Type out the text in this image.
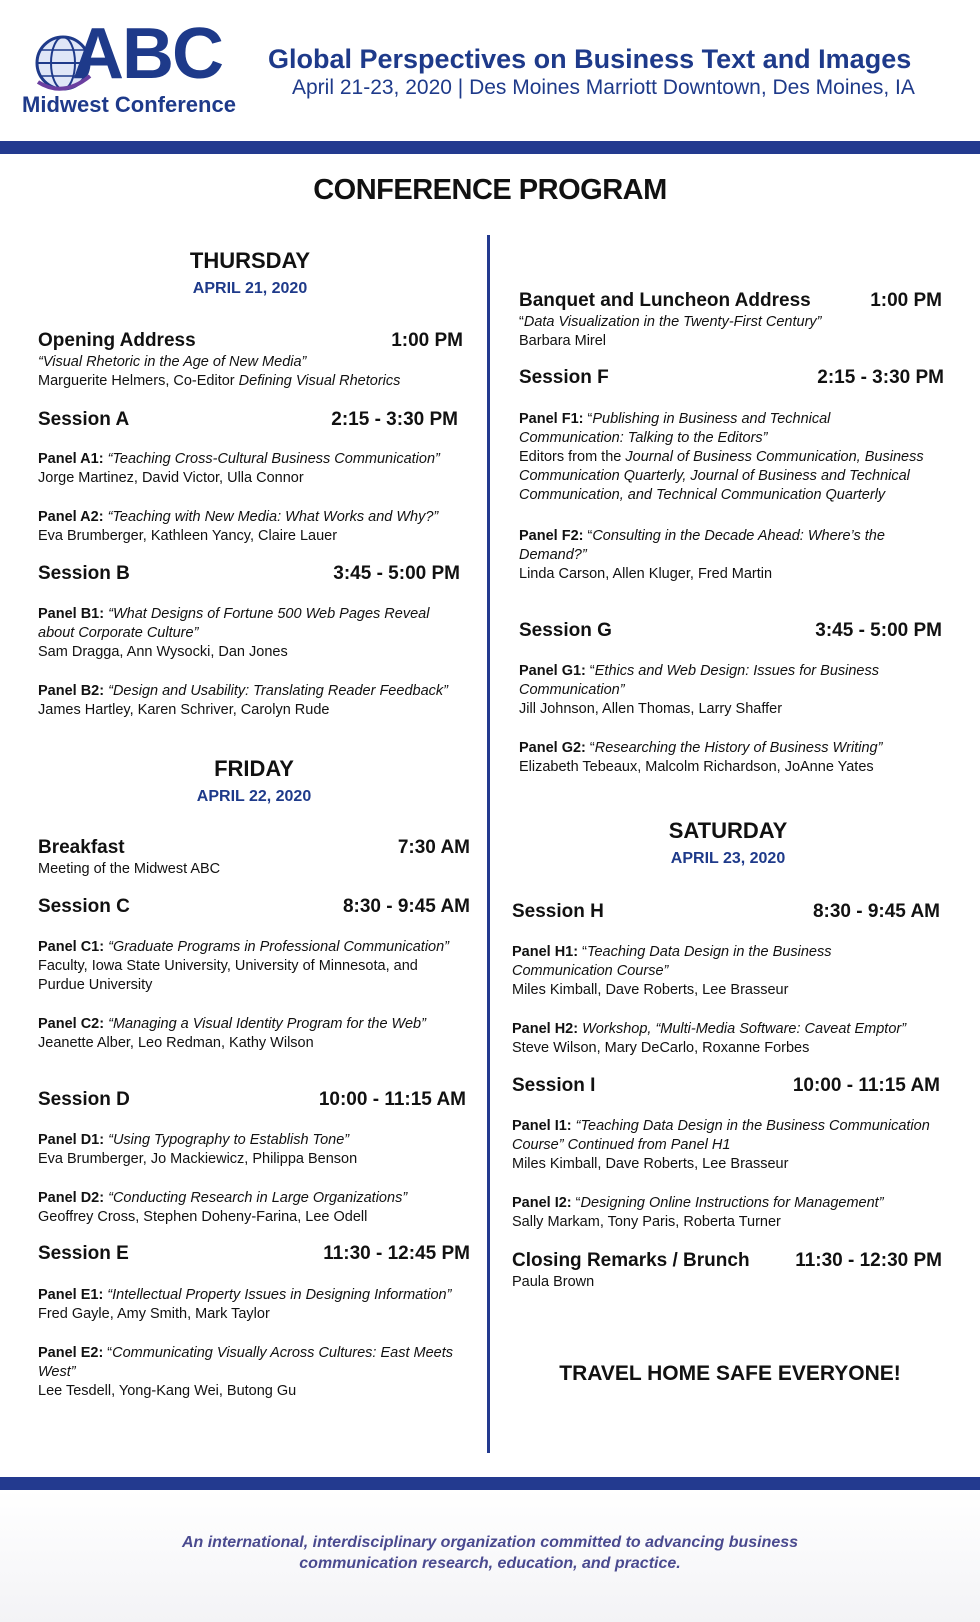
ABC
Midwest Conference
Global Perspectives on Business Text and Images
April 21-23, 2020 | Des Moines Marriott Downtown, Des Moines, IA
CONFERENCE PROGRAM
THURSDAY
APRIL 21, 2020
Opening Address	1:00 PM
“Visual Rhetoric in the Age of New Media”
Marguerite Helmers, Co-Editor Defining Visual Rhetorics
Session A	2:15 - 3:30 PM
Panel A1: “Teaching Cross-Cultural Business Communication”
Jorge Martinez, David Victor, Ulla Connor
Panel A2: “Teaching with New Media: What Works and Why?”
Eva Brumberger, Kathleen Yancy, Claire Lauer
Session B	3:45 - 5:00 PM
Panel B1: “What Designs of Fortune 500 Web Pages Reveal
about Corporate Culture”
Sam Dragga, Ann Wysocki, Dan Jones
Panel B2: “Design and Usability: Translating Reader Feedback”
James Hartley, Karen Schriver, Carolyn Rude
FRIDAY
APRIL 22, 2020
Breakfast	7:30 AM
Meeting of the Midwest ABC
Session C	8:30 - 9:45 AM
Panel C1: “Graduate Programs in Professional Communication”
Faculty, Iowa State University, University of Minnesota, and
Purdue University
Panel C2: “Managing a Visual Identity Program for the Web”
Jeanette Alber, Leo Redman, Kathy Wilson
Session D	10:00 - 11:15 AM
Panel D1: “Using Typography to Establish Tone”
Eva Brumberger, Jo Mackiewicz, Philippa Benson
Panel D2: “Conducting Research in Large Organizations”
Geoffrey Cross, Stephen Doheny-Farina, Lee Odell
Session E	11:30 - 12:45 PM
Panel E1: “Intellectual Property Issues in Designing Information”
Fred Gayle, Amy Smith, Mark Taylor
Panel E2: “Communicating Visually Across Cultures: East Meets
West”
Lee Tesdell, Yong-Kang Wei, Butong Gu
Banquet and Luncheon Address	1:00 PM
“Data Visualization in the Twenty-First Century”
Barbara Mirel
Session F	2:15 - 3:30 PM
Panel F1: “Publishing in Business and Technical
Communication: Talking to the Editors”
Editors from the Journal of Business Communication, Business
Communication Quarterly, Journal of Business and Technical
Communication, and Technical Communication Quarterly
Panel F2: “Consulting in the Decade Ahead: Where’s the
Demand?”
Linda Carson, Allen Kluger, Fred Martin
Session G	3:45 - 5:00 PM
Panel G1: “Ethics and Web Design: Issues for Business
Communication”
Jill Johnson, Allen Thomas, Larry Shaffer
Panel G2: “Researching the History of Business Writing”
Elizabeth Tebeaux, Malcolm Richardson, JoAnne Yates
SATURDAY
APRIL 23, 2020
Session H	8:30 - 9:45 AM
Panel H1: “Teaching Data Design in the Business
Communication Course”
Miles Kimball, Dave Roberts, Lee Brasseur
Panel H2: Workshop, “Multi-Media Software: Caveat Emptor”
Steve Wilson, Mary DeCarlo, Roxanne Forbes
Session I	10:00 - 11:15 AM
Panel I1: “Teaching Data Design in the Business Communication
Course” Continued from Panel H1
Miles Kimball, Dave Roberts, Lee Brasseur
Panel I2: “Designing Online Instructions for Management”
Sally Markam, Tony Paris, Roberta Turner
Closing Remarks / Brunch	11:30 - 12:30 PM
Paula Brown
TRAVEL HOME SAFE EVERYONE!
An international, interdisciplinary organization committed to advancing business
communication research, education, and practice.
